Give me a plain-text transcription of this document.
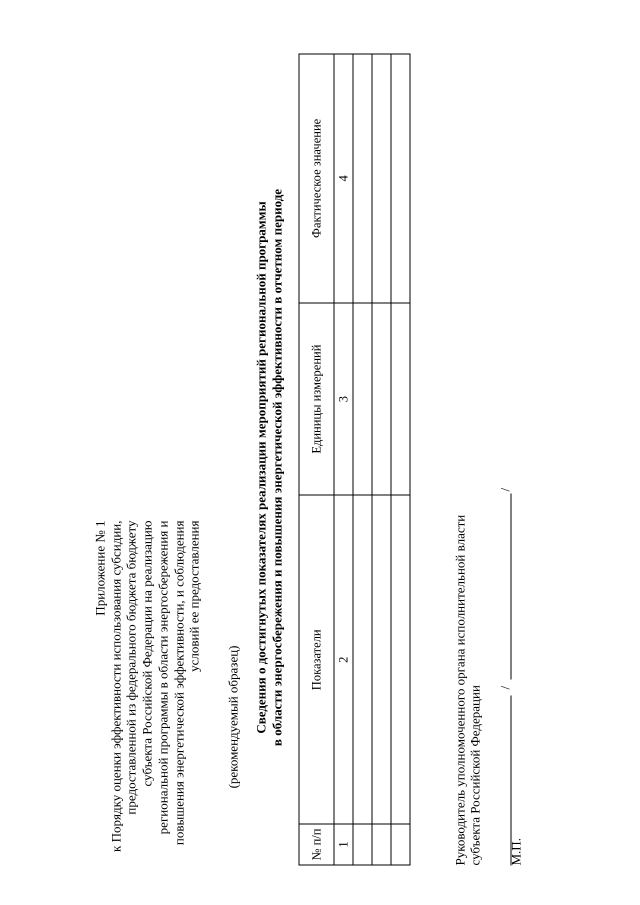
Приложение № 1 к Порядку оценки эффективности использования субсидии, предоставленной из федерального бюджета бюджету субъекта Российской Федерации на реализацию региональной программы в области энергосбережения и повышения энергетической эффективности, и соблюдения условий ее предоставления
(рекомендуемый образец) Сведения о достигнутых показателях реализации мероприятий региональной программы в области энергосбережения и повышения энергетической эффективности в отчетном периоде
№ п/п	Показатели	Единицы измерений	Фактическое значение
1	2	3	4

Руководитель уполномоченного органа исполнительной власти субъекта Российской Федерации /
/
М.П.
